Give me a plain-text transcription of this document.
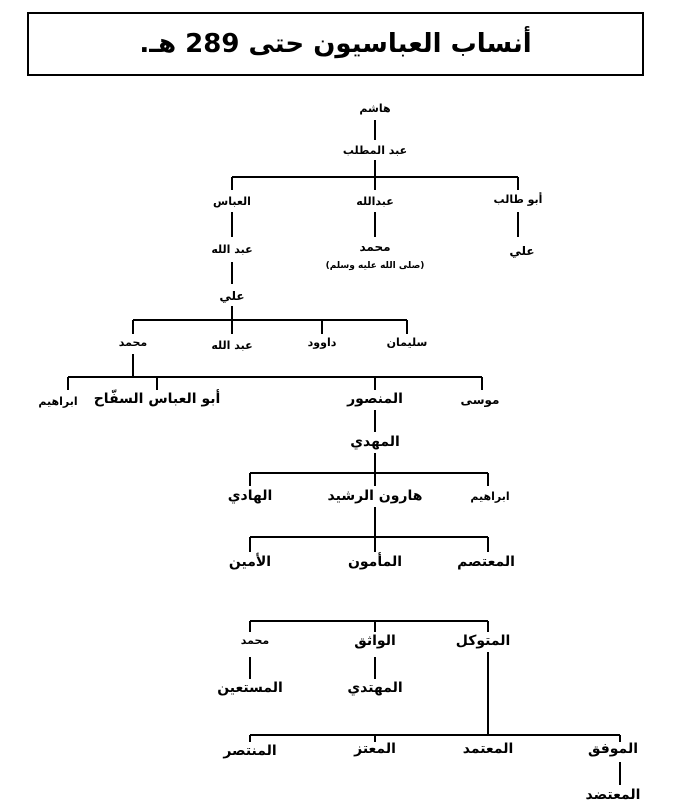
أنساب العباسيون حتى 289 هـ.
هاشم
عبد المطلب
العباس	عبدالله	أبو طالب
عبد الله	محمد
(صلى الله عليه وسلم)
علي
علي
محمد	عبد الله	داوود	سليمان
ابراهيم أبو العباس السفّاح	المنصور	موسى
المهدي
الهادي	هارون الرشيد	ابراهيم
الأمين	المأمون	المعتصم
محمد	الواثق	المتوكل
المستعين	المهتدي
المنتصر	المعتز	المعتمد	الموفق
المعتضد
